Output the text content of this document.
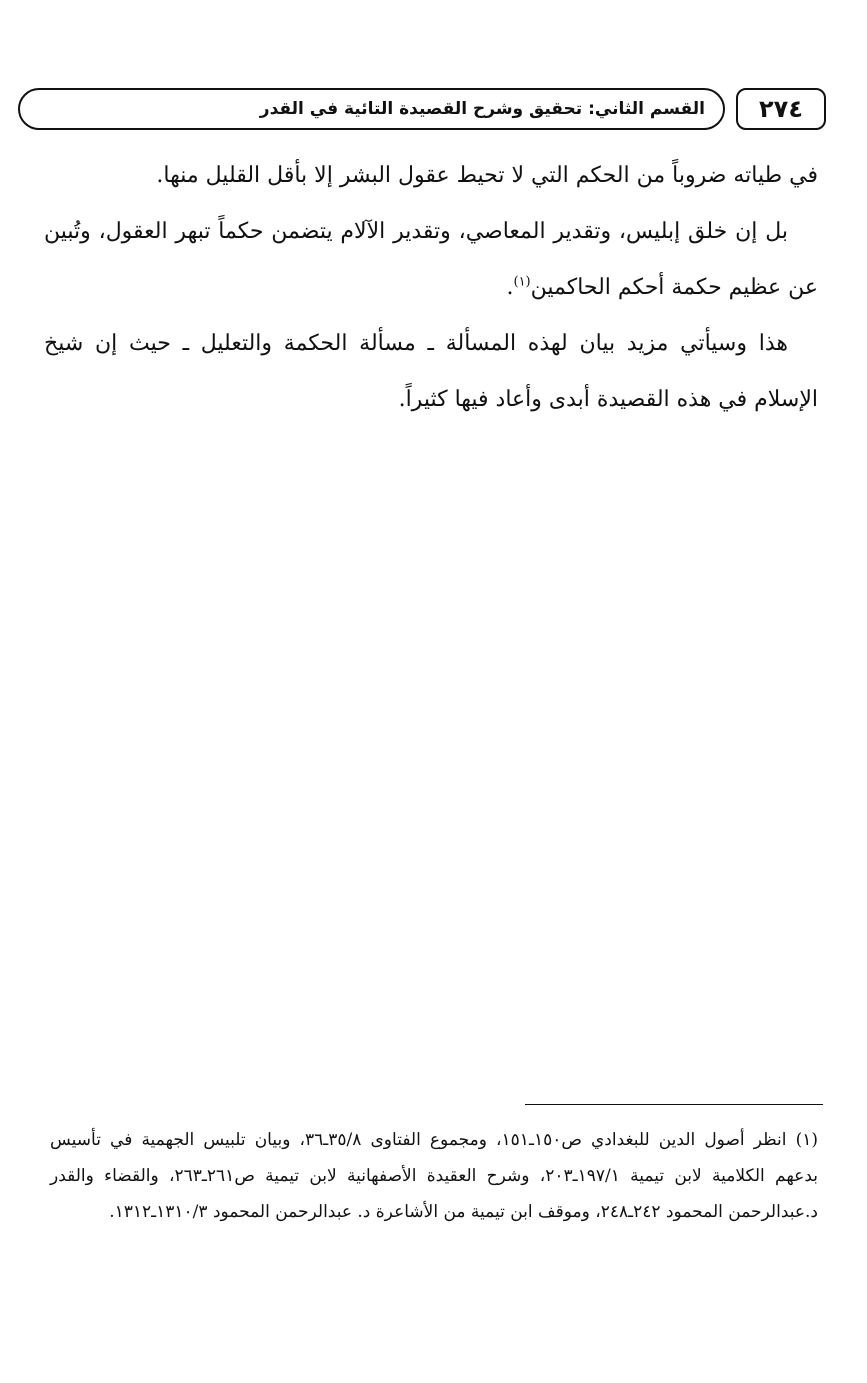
القسم الثاني: تحقيق وشرح القصيدة التائية في القدر	٢٧٤

في طياته ضروباً من الحكم التي لا تحيط عقول البشر إلا بأقل القليل منها.

بل إن خلق إبليس، وتقدير المعاصي، وتقدير الآلام يتضمن حكماً تبهر العقول، وتُبين عن عظيم حكمة أحكم الحاكمين$^{(١)}$.

هذا وسيأتي مزيد بيان لهذه المسألة ـ مسألة الحكمة والتعليل ـ حيث إن شيخ الإسلام في هذه القصيدة أبدى وأعاد فيها كثيراً.

(١) انظر أصول الدين للبغدادي ص١٥٠ـ١٥١، ومجموع الفتاوى ٣٥/٨ـ٣٦، وبيان تلبيس الجهمية في تأسيس بدعهم الكلامية لابن تيمية ١٩٧/١ـ٢٠٣، وشرح العقيدة الأصفهانية لابن تيمية ص٢٦١ـ٢٦٣، والقضاء والقدر د.عبدالرحمن المحمود ٢٤٢ـ٢٤٨، وموقف ابن تيمية من الأشاعرة د. عبدالرحمن المحمود ١٣١٠/٣ـ١٣١٢.
